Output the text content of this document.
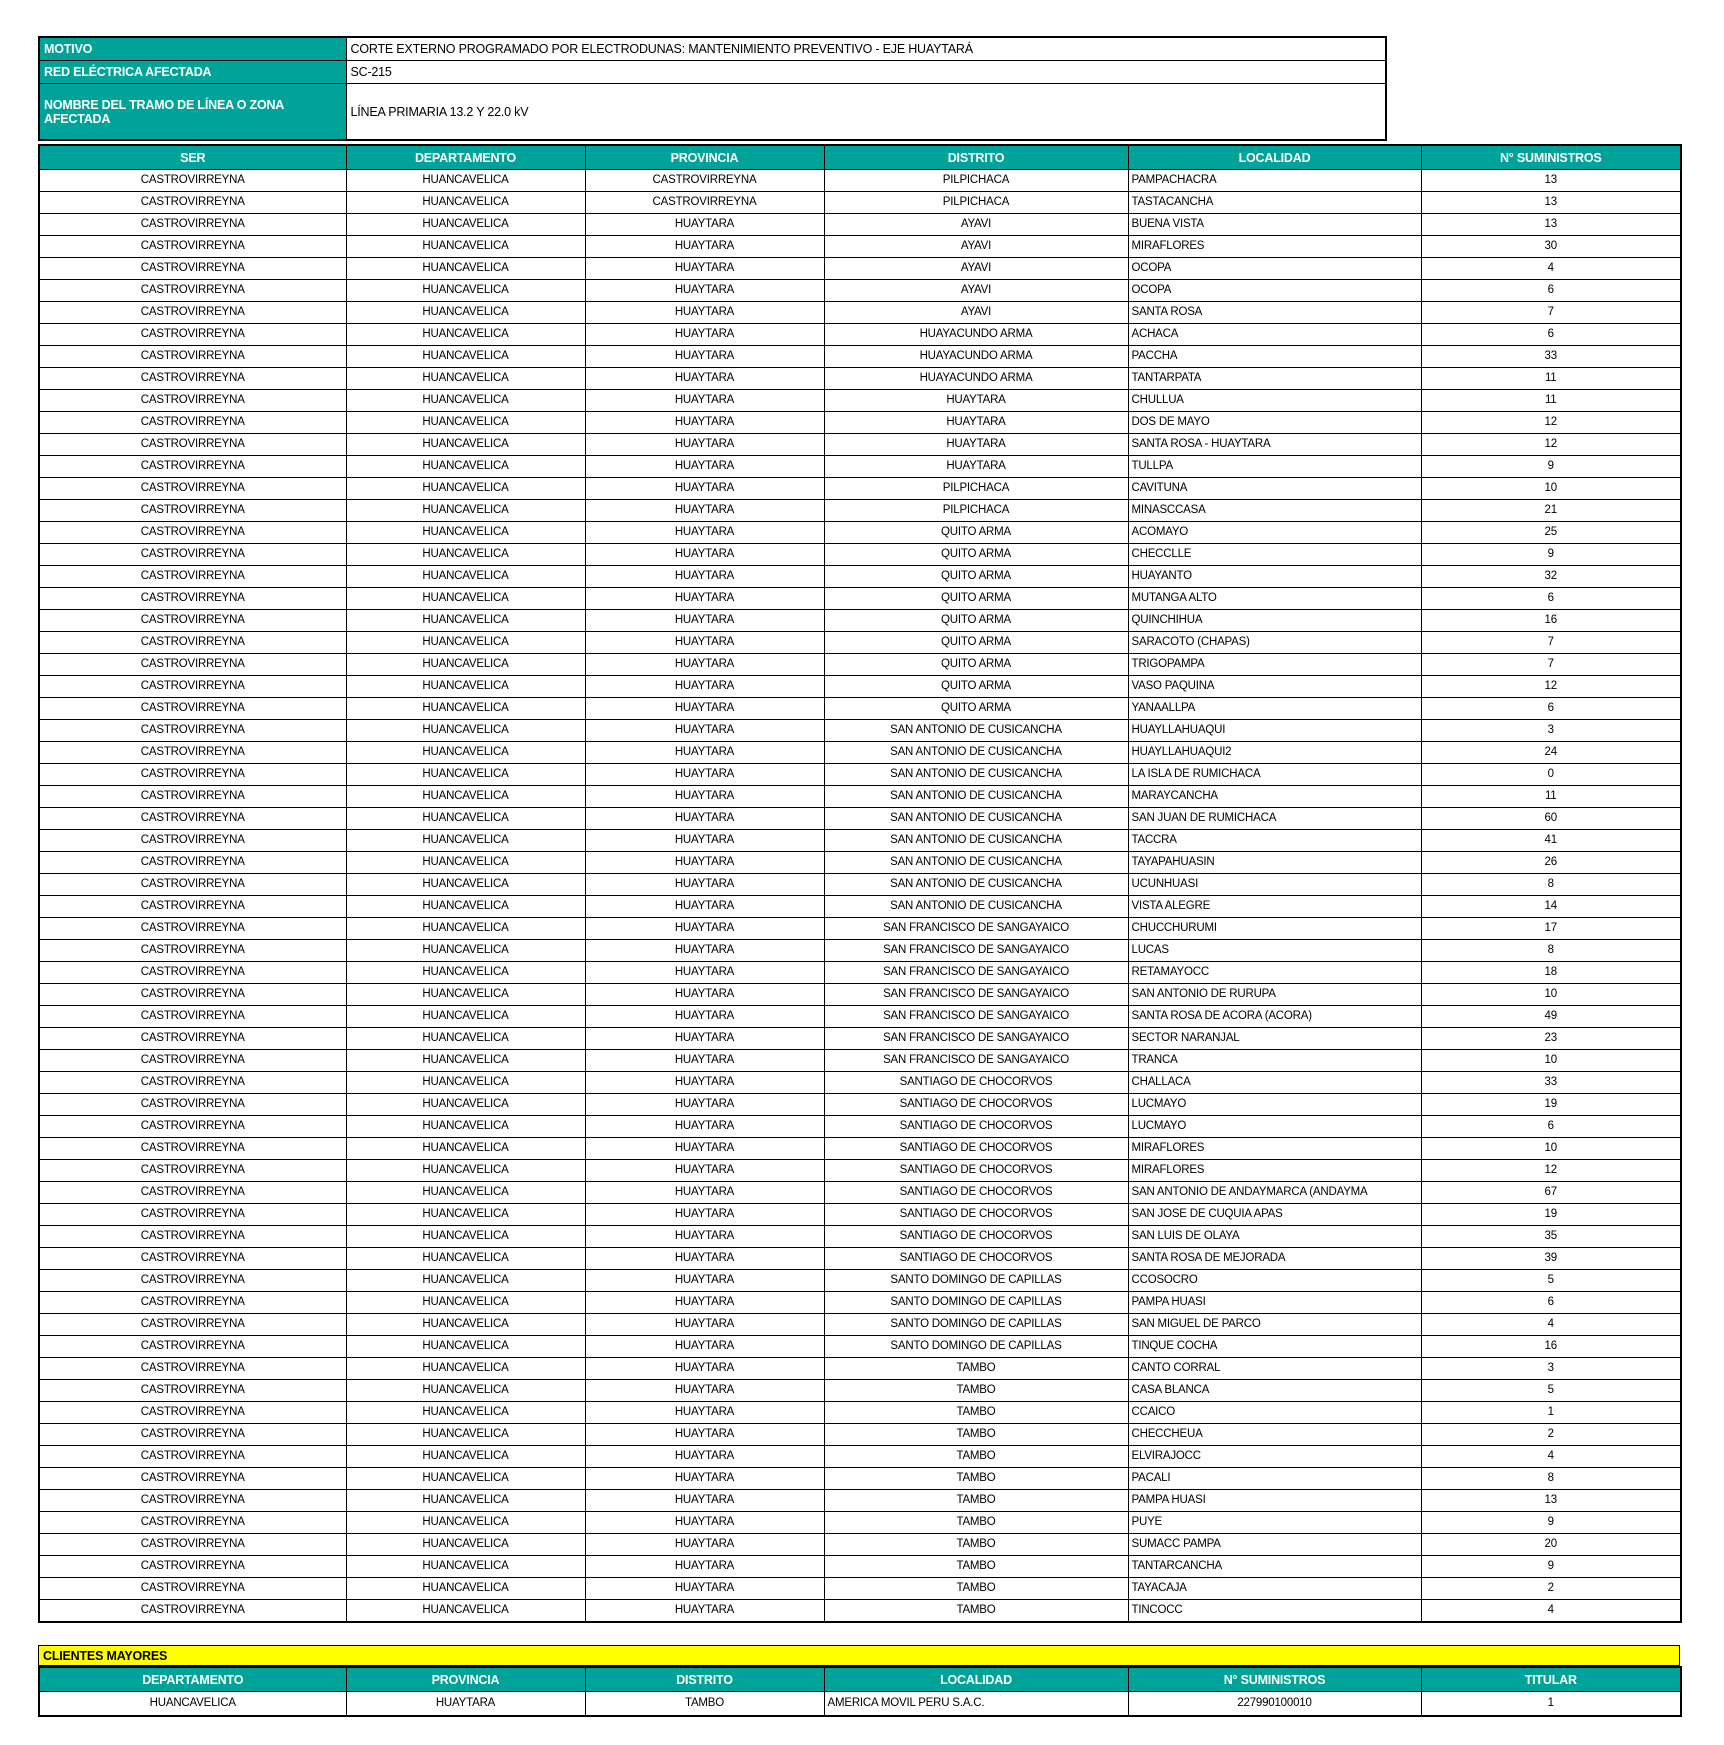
MOTIVO	CORTE EXTERNO PROGRAMADO POR ELECTRODUNAS: MANTENIMIENTO PREVENTIVO - EJE HUAYTARÁ
RED ELÉCTRICA AFECTADA	SC-215
NOMBRE DEL TRAMO DE LÍNEA O ZONA AFECTADA	LÍNEA PRIMARIA 13.2 Y 22.0 kV
SER	DEPARTAMENTO	PROVINCIA	DISTRITO	LOCALIDAD	N° SUMINISTROS
CASTROVIRREYNA	HUANCAVELICA	CASTROVIRREYNA	PILPICHACA	PAMPACHACRA	13
CASTROVIRREYNA	HUANCAVELICA	CASTROVIRREYNA	PILPICHACA	TASTACANCHA	13
CASTROVIRREYNA	HUANCAVELICA	HUAYTARA	AYAVI	BUENA VISTA	13
CASTROVIRREYNA	HUANCAVELICA	HUAYTARA	AYAVI	MIRAFLORES	30
CASTROVIRREYNA	HUANCAVELICA	HUAYTARA	AYAVI	OCOPA	4
CASTROVIRREYNA	HUANCAVELICA	HUAYTARA	AYAVI	OCOPA	6
CASTROVIRREYNA	HUANCAVELICA	HUAYTARA	AYAVI	SANTA ROSA	7
CASTROVIRREYNA	HUANCAVELICA	HUAYTARA	HUAYACUNDO ARMA	ACHACA	6
CASTROVIRREYNA	HUANCAVELICA	HUAYTARA	HUAYACUNDO ARMA	PACCHA	33
CASTROVIRREYNA	HUANCAVELICA	HUAYTARA	HUAYACUNDO ARMA	TANTARPATA	11
CASTROVIRREYNA	HUANCAVELICA	HUAYTARA	HUAYTARA	CHULLUA	11
CASTROVIRREYNA	HUANCAVELICA	HUAYTARA	HUAYTARA	DOS DE MAYO	12
CASTROVIRREYNA	HUANCAVELICA	HUAYTARA	HUAYTARA	SANTA ROSA - HUAYTARA	12
CASTROVIRREYNA	HUANCAVELICA	HUAYTARA	HUAYTARA	TULLPA	9
CASTROVIRREYNA	HUANCAVELICA	HUAYTARA	PILPICHACA	CAVITUNA	10
CASTROVIRREYNA	HUANCAVELICA	HUAYTARA	PILPICHACA	MINASCCASA	21
CASTROVIRREYNA	HUANCAVELICA	HUAYTARA	QUITO ARMA	ACOMAYO	25
CASTROVIRREYNA	HUANCAVELICA	HUAYTARA	QUITO ARMA	CHECCLLE	9
CASTROVIRREYNA	HUANCAVELICA	HUAYTARA	QUITO ARMA	HUAYANTO	32
CASTROVIRREYNA	HUANCAVELICA	HUAYTARA	QUITO ARMA	MUTANGA ALTO	6
CASTROVIRREYNA	HUANCAVELICA	HUAYTARA	QUITO ARMA	QUINCHIHUA	16
CASTROVIRREYNA	HUANCAVELICA	HUAYTARA	QUITO ARMA	SARACOTO (CHAPAS)	7
CASTROVIRREYNA	HUANCAVELICA	HUAYTARA	QUITO ARMA	TRIGOPAMPA	7
CASTROVIRREYNA	HUANCAVELICA	HUAYTARA	QUITO ARMA	VASO PAQUINA	12
CASTROVIRREYNA	HUANCAVELICA	HUAYTARA	QUITO ARMA	YANAALLPA	6
CASTROVIRREYNA	HUANCAVELICA	HUAYTARA	SAN ANTONIO DE CUSICANCHA	HUAYLLAHUAQUI	3
CASTROVIRREYNA	HUANCAVELICA	HUAYTARA	SAN ANTONIO DE CUSICANCHA	HUAYLLAHUAQUI2	24
CASTROVIRREYNA	HUANCAVELICA	HUAYTARA	SAN ANTONIO DE CUSICANCHA	LA ISLA DE RUMICHACA	0
CASTROVIRREYNA	HUANCAVELICA	HUAYTARA	SAN ANTONIO DE CUSICANCHA	MARAYCANCHA	11
CASTROVIRREYNA	HUANCAVELICA	HUAYTARA	SAN ANTONIO DE CUSICANCHA	SAN JUAN DE RUMICHACA	60
CASTROVIRREYNA	HUANCAVELICA	HUAYTARA	SAN ANTONIO DE CUSICANCHA	TACCRA	41
CASTROVIRREYNA	HUANCAVELICA	HUAYTARA	SAN ANTONIO DE CUSICANCHA	TAYAPAHUASIN	26
CASTROVIRREYNA	HUANCAVELICA	HUAYTARA	SAN ANTONIO DE CUSICANCHA	UCUNHUASI	8
CASTROVIRREYNA	HUANCAVELICA	HUAYTARA	SAN ANTONIO DE CUSICANCHA	VISTA ALEGRE	14
CASTROVIRREYNA	HUANCAVELICA	HUAYTARA	SAN FRANCISCO DE SANGAYAICO	CHUCCHURUMI	17
CASTROVIRREYNA	HUANCAVELICA	HUAYTARA	SAN FRANCISCO DE SANGAYAICO	LUCAS	8
CASTROVIRREYNA	HUANCAVELICA	HUAYTARA	SAN FRANCISCO DE SANGAYAICO	RETAMAYOCC	18
CASTROVIRREYNA	HUANCAVELICA	HUAYTARA	SAN FRANCISCO DE SANGAYAICO	SAN ANTONIO DE RURUPA	10
CASTROVIRREYNA	HUANCAVELICA	HUAYTARA	SAN FRANCISCO DE SANGAYAICO	SANTA ROSA DE ACORA (ACORA)	49
CASTROVIRREYNA	HUANCAVELICA	HUAYTARA	SAN FRANCISCO DE SANGAYAICO	SECTOR NARANJAL	23
CASTROVIRREYNA	HUANCAVELICA	HUAYTARA	SAN FRANCISCO DE SANGAYAICO	TRANCA	10
CASTROVIRREYNA	HUANCAVELICA	HUAYTARA	SANTIAGO DE CHOCORVOS	CHALLACA	33
CASTROVIRREYNA	HUANCAVELICA	HUAYTARA	SANTIAGO DE CHOCORVOS	LUCMAYO	19
CASTROVIRREYNA	HUANCAVELICA	HUAYTARA	SANTIAGO DE CHOCORVOS	LUCMAYO	6
CASTROVIRREYNA	HUANCAVELICA	HUAYTARA	SANTIAGO DE CHOCORVOS	MIRAFLORES	10
CASTROVIRREYNA	HUANCAVELICA	HUAYTARA	SANTIAGO DE CHOCORVOS	MIRAFLORES	12
CASTROVIRREYNA	HUANCAVELICA	HUAYTARA	SANTIAGO DE CHOCORVOS	SAN ANTONIO DE ANDAYMARCA (ANDAYMA	67
CASTROVIRREYNA	HUANCAVELICA	HUAYTARA	SANTIAGO DE CHOCORVOS	SAN JOSE DE CUQUIA APAS	19
CASTROVIRREYNA	HUANCAVELICA	HUAYTARA	SANTIAGO DE CHOCORVOS	SAN LUIS DE OLAYA	35
CASTROVIRREYNA	HUANCAVELICA	HUAYTARA	SANTIAGO DE CHOCORVOS	SANTA ROSA DE MEJORADA	39
CASTROVIRREYNA	HUANCAVELICA	HUAYTARA	SANTO DOMINGO DE CAPILLAS	CCOSOCRO	5
CASTROVIRREYNA	HUANCAVELICA	HUAYTARA	SANTO DOMINGO DE CAPILLAS	PAMPA HUASI	6
CASTROVIRREYNA	HUANCAVELICA	HUAYTARA	SANTO DOMINGO DE CAPILLAS	SAN MIGUEL DE PARCO	4
CASTROVIRREYNA	HUANCAVELICA	HUAYTARA	SANTO DOMINGO DE CAPILLAS	TINQUE COCHA	16
CASTROVIRREYNA	HUANCAVELICA	HUAYTARA	TAMBO	CANTO CORRAL	3
CASTROVIRREYNA	HUANCAVELICA	HUAYTARA	TAMBO	CASA BLANCA	5
CASTROVIRREYNA	HUANCAVELICA	HUAYTARA	TAMBO	CCAICO	1
CASTROVIRREYNA	HUANCAVELICA	HUAYTARA	TAMBO	CHECCHEUA	2
CASTROVIRREYNA	HUANCAVELICA	HUAYTARA	TAMBO	ELVIRAJOCC	4
CASTROVIRREYNA	HUANCAVELICA	HUAYTARA	TAMBO	PACALI	8
CASTROVIRREYNA	HUANCAVELICA	HUAYTARA	TAMBO	PAMPA HUASI	13
CASTROVIRREYNA	HUANCAVELICA	HUAYTARA	TAMBO	PUYE	9
CASTROVIRREYNA	HUANCAVELICA	HUAYTARA	TAMBO	SUMACC PAMPA	20
CASTROVIRREYNA	HUANCAVELICA	HUAYTARA	TAMBO	TANTARCANCHA	9
CASTROVIRREYNA	HUANCAVELICA	HUAYTARA	TAMBO	TAYACAJA	2
CASTROVIRREYNA	HUANCAVELICA	HUAYTARA	TAMBO	TINCOCC	4
CLIENTES MAYORES
DEPARTAMENTO	PROVINCIA	DISTRITO	LOCALIDAD	N° SUMINISTROS	TITULAR
HUANCAVELICA	HUAYTARA	TAMBO	AMERICA MOVIL PERU S.A.C.	227990100010	1
